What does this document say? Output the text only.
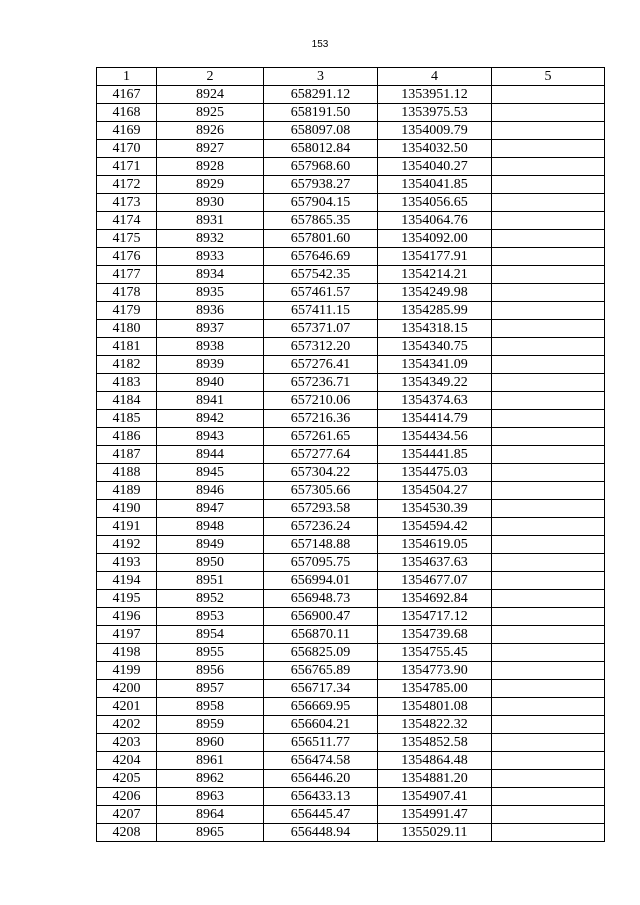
153
1	2	3	4	5
4167	8924	658291.12	1353951.12	
4168	8925	658191.50	1353975.53	
4169	8926	658097.08	1354009.79	
4170	8927	658012.84	1354032.50	
4171	8928	657968.60	1354040.27	
4172	8929	657938.27	1354041.85	
4173	8930	657904.15	1354056.65	
4174	8931	657865.35	1354064.76	
4175	8932	657801.60	1354092.00	
4176	8933	657646.69	1354177.91	
4177	8934	657542.35	1354214.21	
4178	8935	657461.57	1354249.98	
4179	8936	657411.15	1354285.99	
4180	8937	657371.07	1354318.15	
4181	8938	657312.20	1354340.75	
4182	8939	657276.41	1354341.09	
4183	8940	657236.71	1354349.22	
4184	8941	657210.06	1354374.63	
4185	8942	657216.36	1354414.79	
4186	8943	657261.65	1354434.56	
4187	8944	657277.64	1354441.85	
4188	8945	657304.22	1354475.03	
4189	8946	657305.66	1354504.27	
4190	8947	657293.58	1354530.39	
4191	8948	657236.24	1354594.42	
4192	8949	657148.88	1354619.05	
4193	8950	657095.75	1354637.63	
4194	8951	656994.01	1354677.07	
4195	8952	656948.73	1354692.84	
4196	8953	656900.47	1354717.12	
4197	8954	656870.11	1354739.68	
4198	8955	656825.09	1354755.45	
4199	8956	656765.89	1354773.90	
4200	8957	656717.34	1354785.00	
4201	8958	656669.95	1354801.08	
4202	8959	656604.21	1354822.32	
4203	8960	656511.77	1354852.58	
4204	8961	656474.58	1354864.48	
4205	8962	656446.20	1354881.20	
4206	8963	656433.13	1354907.41	
4207	8964	656445.47	1354991.47	
4208	8965	656448.94	1355029.11	
